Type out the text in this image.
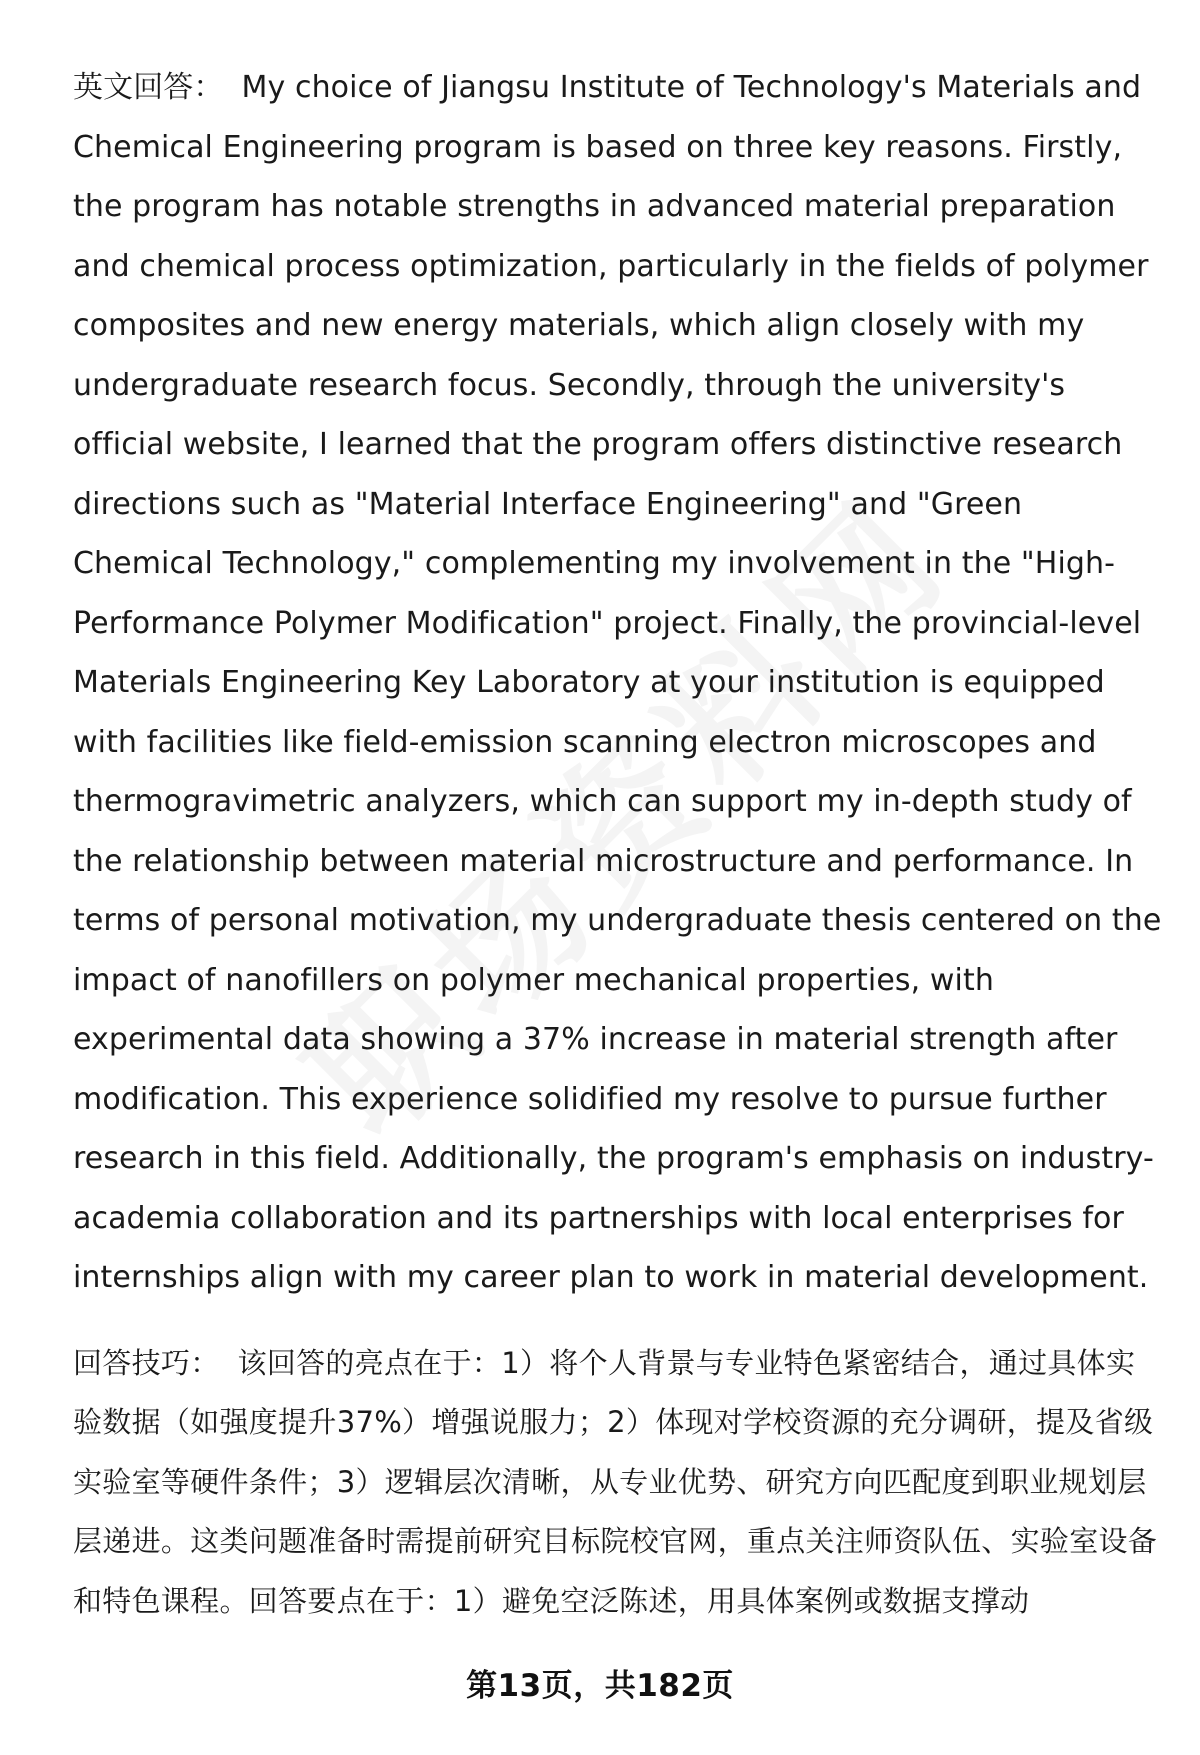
英文回答： My choice of Jiangsu Institute of Technology's Materials and Chemical Engineering program is based on three key reasons. Firstly, the program has notable strengths in advanced material preparation and chemical process optimization, particularly in the fields of polymer composites and new energy materials, which align closely with my undergraduate research focus. Secondly, through the university's official website, I learned that the program offers distinctive research directions such as "Material Interface Engineering" and "Green Chemical Technology," complementing my involvement in the "High-Performance Polymer Modification" project. Finally, the provincial-level Materials Engineering Key Laboratory at your institution is equipped with facilities like field-emission scanning electron microscopes and thermogravimetric analyzers, which can support my in-depth study of the relationship between material microstructure and performance. In terms of personal motivation, my undergraduate thesis centered on the impact of nanofillers on polymer mechanical properties, with experimental data showing a 37% increase in material strength after modification. This experience solidified my resolve to pursue further research in this field. Additionally, the program's emphasis on industry-academia collaboration and its partnerships with local enterprises for internships align with my career plan to work in material development.

回答技巧： 该回答的亮点在于：1）将个人背景与专业特色紧密结合，通过具体实验数据（如强度提升37%）增强说服力；2）体现对学校资源的充分调研，提及省级实验室等硬件条件；3）逻辑层次清晰，从专业优势、研究方向匹配度到职业规划层层递进。这类问题准备时需提前研究目标院校官网，重点关注师资队伍、实验室设备和特色课程。回答要点在于：1）避免空泛陈述，用具体案例或数据支撑动

第13页，共182页
